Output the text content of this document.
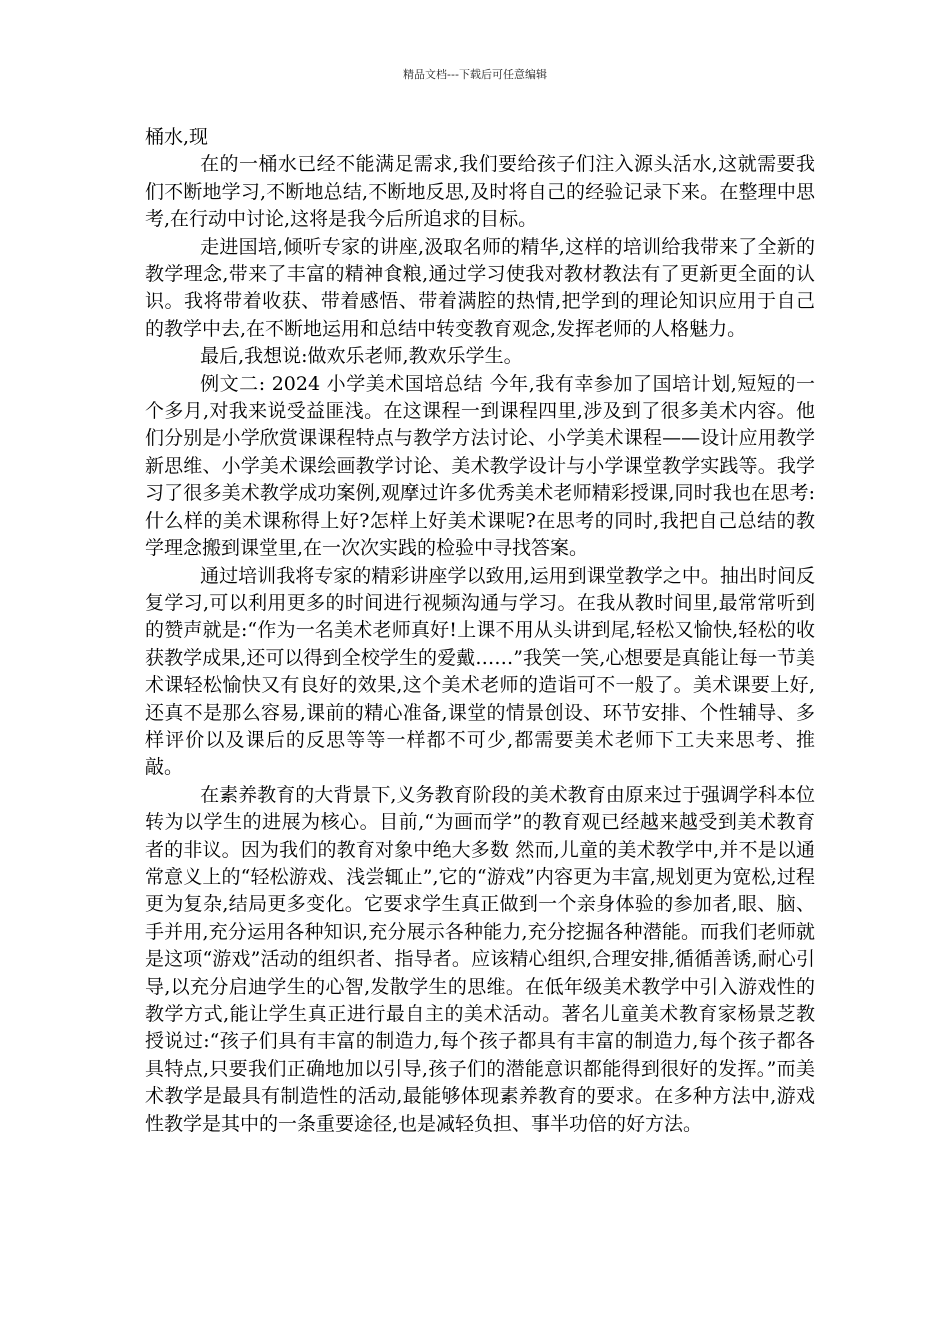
精品文档---下载后可任意编辑

桶水,现

在的一桶水已经不能满足需求,我们要给孩子们注入源头活水,这就需要我们不断地学习,不断地总结,不断地反思,及时将自己的经验记录下来。在整理中思考,在行动中讨论,这将是我今后所追求的目标。

走进国培,倾听专家的讲座,汲取名师的精华,这样的培训给我带来了全新的教学理念,带来了丰富的精神食粮,通过学习使我对教材教法有了更新更全面的认识。我将带着收获、带着感悟、带着满腔的热情,把学到的理论知识应用于自己的教学中去,在不断地运用和总结中转变教育观念,发挥老师的人格魅力。

最后,我想说:做欢乐老师,教欢乐学生。

例文二: 2024 小学美术国培总结 今年,我有幸参加了国培计划,短短的一个多月,对我来说受益匪浅。在这课程一到课程四里,涉及到了很多美术内容。他们分别是小学欣赏课课程特点与教学方法讨论、小学美术课程——设计应用教学新思维、小学美术课绘画教学讨论、美术教学设计与小学课堂教学实践等。我学习了很多美术教学成功案例,观摩过许多优秀美术老师精彩授课,同时我也在思考:什么样的美术课称得上好?怎样上好美术课呢?在思考的同时,我把自己总结的教学理念搬到课堂里,在一次次实践的检验中寻找答案。

通过培训我将专家的精彩讲座学以致用,运用到课堂教学之中。抽出时间反复学习,可以利用更多的时间进行视频沟通与学习。在我从教时间里,最常常听到的赞声就是:“作为一名美术老师真好!上课不用从头讲到尾,轻松又愉快,轻松的收获教学成果,还可以得到全校学生的爱戴……”我笑一笑,心想要是真能让每一节美术课轻松愉快又有良好的效果,这个美术老师的造诣可不一般了。美术课要上好,还真不是那么容易,课前的精心准备,课堂的情景创设、环节安排、个性辅导、多样评价以及课后的反思等等一样都不可少,都需要美术老师下工夫来思考、推敲。

在素养教育的大背景下,义务教育阶段的美术教育由原来过于强调学科本位转为以学生的进展为核心。目前,“为画而学”的教育观已经越来越受到美术教育者的非议。因为我们的教育对象中绝大多数 然而,儿童的美术教学中,并不是以通常意义上的“轻松游戏、浅尝辄止”,它的“游戏”内容更为丰富,规划更为宽松,过程更为复杂,结局更多变化。它要求学生真正做到一个亲身体验的参加者,眼、脑、手并用,充分运用各种知识,充分展示各种能力,充分挖掘各种潜能。而我们老师就是这项“游戏”活动的组织者、指导者。应该精心组织,合理安排,循循善诱,耐心引导,以充分启迪学生的心智,发散学生的思维。在低年级美术教学中引入游戏性的教学方式,能让学生真正进行最自主的美术活动。著名儿童美术教育家杨景芝教授说过:“孩子们具有丰富的制造力,每个孩子都具有丰富的制造力,每个孩子都各具特点,只要我们正确地加以引导,孩子们的潜能意识都能得到很好的发挥。”而美术教学是最具有制造性的活动,最能够体现素养教育的要求。在多种方法中,游戏性教学是其中的一条重要途径,也是减轻负担、事半功倍的好方法。
